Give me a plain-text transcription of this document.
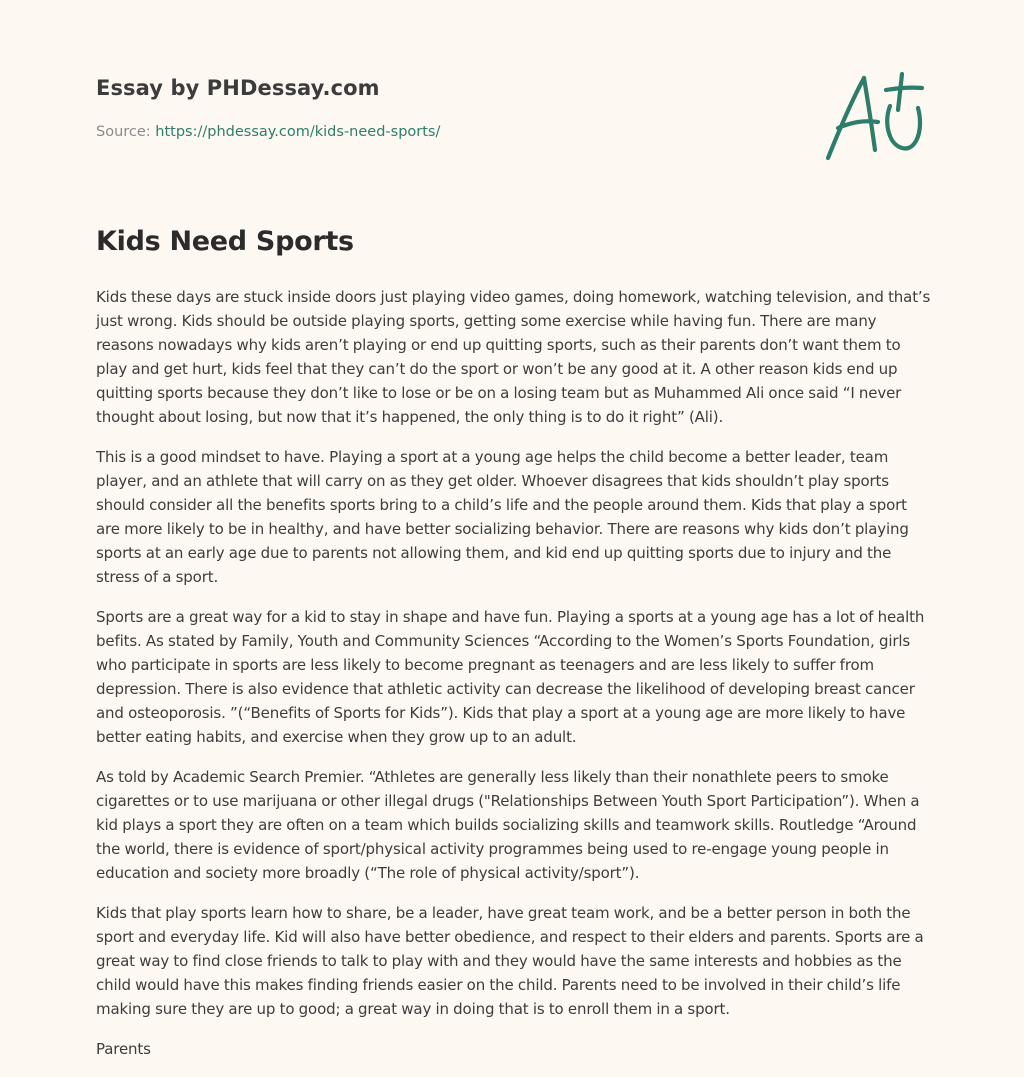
Essay by PHDessay.com
Source: https://phdessay.com/kids-need-sports/
Kids Need Sports

Kids these days are stuck inside doors just playing video games, doing homework, watching television, and that’s just wrong. Kids should be outside playing sports, getting some exercise while having fun. There are many reasons nowadays why kids aren’t playing or end up quitting sports, such as their parents don’t want them to play and get hurt, kids feel that they can’t do the sport or won’t be any good at it. A other reason kids end up quitting sports because they don’t like to lose or be on a losing team but as Muhammed Ali once said “I never thought about losing, but now that it’s happened, the only thing is to do it right” (Ali).

This is a good mindset to have. Playing a sport at a young age helps the child become a better leader, team player, and an athlete that will carry on as they get older. Whoever disagrees that kids shouldn’t play sports should consider all the benefits sports bring to a child’s life and the people around them. Kids that play a sport are more likely to be in healthy, and have better socializing behavior. There are reasons why kids don’t playing sports at an early age due to parents not allowing them, and kid end up quitting sports due to injury and the stress of a sport.

Sports are a great way for a kid to stay in shape and have fun. Playing a sports at a young age has a lot of health befits. As stated by Family, Youth and Community Sciences “According to the Women’s Sports Foundation, girls who participate in sports are less likely to become pregnant as teenagers and are less likely to suffer from depression. There is also evidence that athletic activity can decrease the likelihood of developing breast cancer and osteoporosis. ”(“Benefits of Sports for Kids”). Kids that play a sport at a young age are more likely to have better eating habits, and exercise when they grow up to an adult.

As told by Academic Search Premier. “Athletes are generally less likely than their nonathlete peers to smoke cigarettes or to use marijuana or other illegal drugs ("Relationships Between Youth Sport Participation”). When a kid plays a sport they are often on a team which builds socializing skills and teamwork skills. Routledge “Around the world, there is evidence of sport/physical activity programmes being used to re-engage young people in education and society more broadly (“The role of physical activity/sport”).

Kids that play sports learn how to share, be a leader, have great team work, and be a better person in both the sport and everyday life. Kid will also have better obedience, and respect to their elders and parents. Sports are a great way to find close friends to talk to play with and they would have the same interests and hobbies as the child would have this makes finding friends easier on the child. Parents need to be involved in their child’s life making sure they are up to good; a great way in doing that is to enroll them in a sport.

Parents
